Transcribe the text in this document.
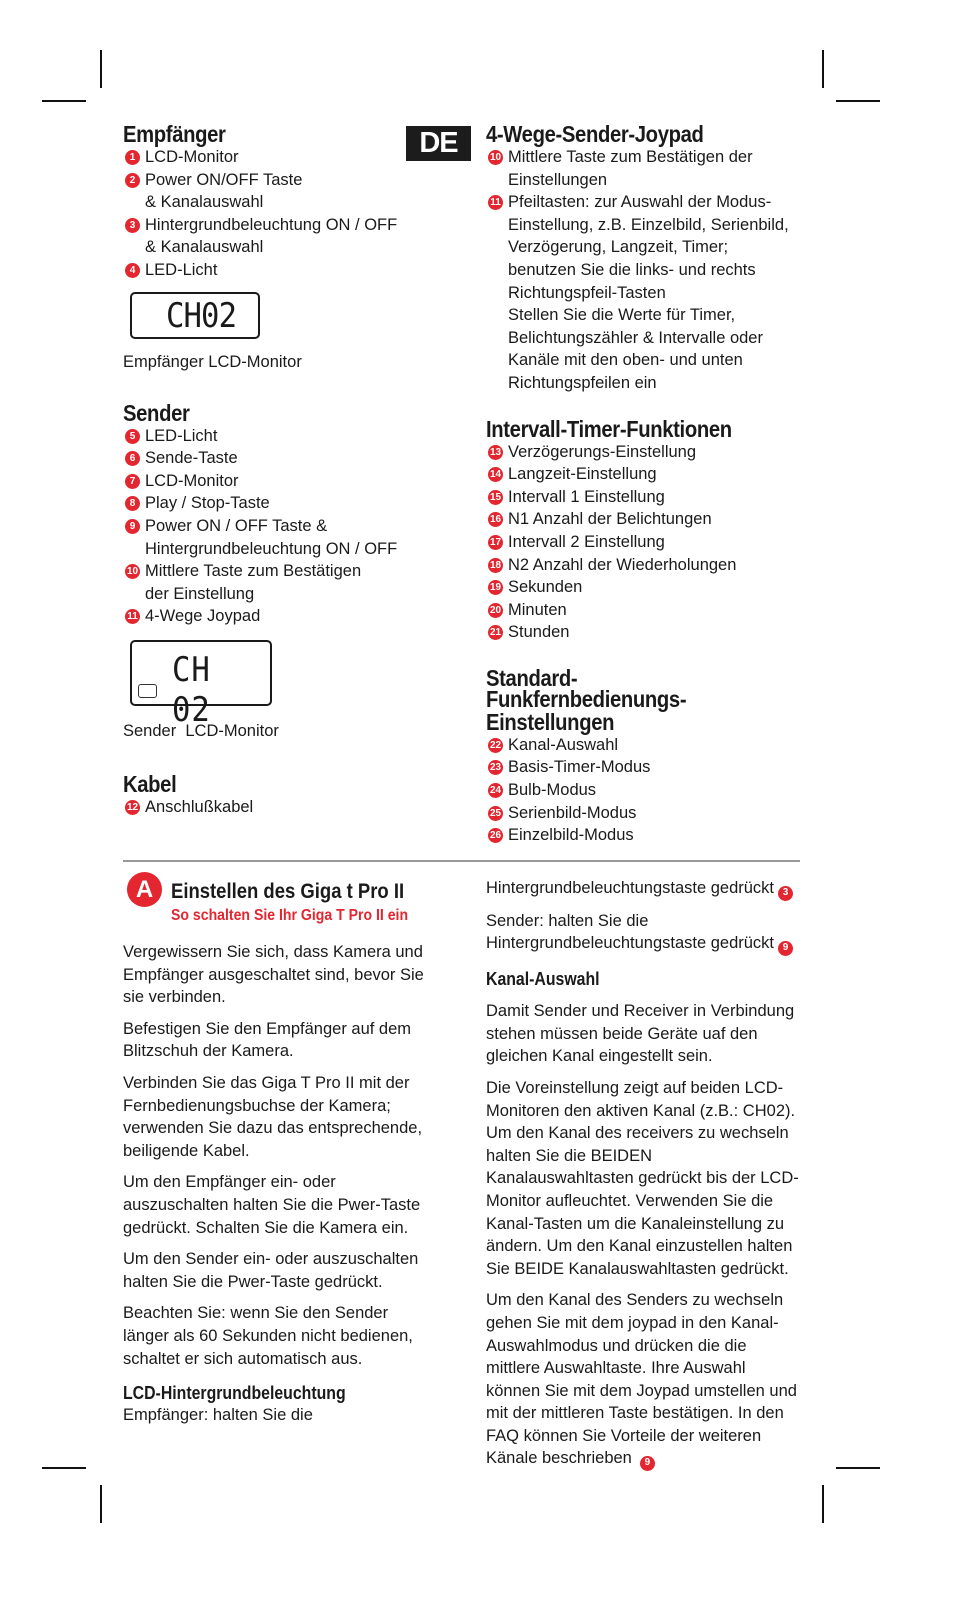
DE
Empfänger
1 LCD-Monitor
2 Power ON/OFF Taste
& Kanalauswahl
3 Hintergrundbeleuchtung ON / OFF
& Kanalauswahl
4 LED-Licht
CH02
Empfänger LCD-Monitor
Sender
5 LED-Licht
6 Sende-Taste
7 LCD-Monitor
8 Play / Stop-Taste
9 Power ON / OFF Taste &
Hintergrundbeleuchtung ON / OFF
10 Mittlere Taste zum Bestätigen
der Einstellung
11 4-Wege Joypad
CH 02
Sender  LCD-Monitor
Kabel
12 Anschlußkabel
4-Wege-Sender-Joypad
10 Mittlere Taste zum Bestätigen der
Einstellungen
11 Pfeiltasten: zur Auswahl der Modus-
Einstellung, z.B. Einzelbild, Serienbild,
Verzögerung, Langzeit, Timer;
benutzen Sie die links- und rechts
Richtungspfeil-Tasten
Stellen Sie die Werte für Timer,
Belichtungszähler & Intervalle oder
Kanäle mit den oben- und unten
Richtungspfeilen ein
Intervall-Timer-Funktionen
13 Verzögerungs-Einstellung
14 Langzeit-Einstellung
15 Intervall 1 Einstellung
16 N1 Anzahl der Belichtungen
17 Intervall 2 Einstellung
18 N2 Anzahl der Wiederholungen
19 Sekunden
20 Minuten
21 Stunden
Standard-
Funkfernbedienungs-
Einstellungen
22 Kanal-Auswahl
23 Basis-Timer-Modus
24 Bulb-Modus
25 Serienbild-Modus
26 Einzelbild-Modus
A Einstellen des Giga t Pro II
So schalten Sie Ihr Giga T Pro II ein

Vergewissern Sie sich, dass Kamera und Empfänger ausgeschaltet sind, bevor Sie sie verbinden.

Befestigen Sie den Empfänger auf dem Blitzschuh der Kamera.

Verbinden Sie das Giga T Pro II mit der Fernbedienungsbuchse der Kamera; verwenden Sie dazu das entsprechende, beiligende Kabel.

Um den Empfänger ein- oder auszuschalten halten Sie die Pwer-Taste gedrückt. Schalten Sie die Kamera ein.

Um den Sender ein- oder auszuschalten halten Sie die Pwer-Taste gedrückt.

Beachten Sie: wenn Sie den Sender länger als 60 Sekunden nicht bedienen, schaltet er sich automatisch aus.

LCD-Hintergrundbeleuchtung
Empfänger: halten Sie die
Hintergrundbeleuchtungstaste gedrückt 3
Sender: halten Sie die
Hintergrundbeleuchtungstaste gedrückt 9
Kanal-Auswahl

Damit Sender und Receiver in Verbindung stehen müssen beide Geräte uaf den gleichen Kanal eingestellt sein.

Die Voreinstellung zeigt auf beiden LCD-Monitoren den aktiven Kanal (z.B.: CH02). Um den Kanal des receivers zu wechseln halten Sie die BEIDEN Kanalauswahltasten gedrückt bis der LCD-Monitor aufleuchtet. Verwenden Sie die Kanal-Tasten um die Kanaleinstellung zu ändern. Um den Kanal einzustellen halten Sie BEIDE Kanalauswahltasten gedrückt.

Um den Kanal des Senders zu wechseln gehen Sie mit dem joypad in den Kanal-Auswahlmodus und drücken die die mittlere Auswahltaste. Ihre Auswahl können Sie mit dem Joypad umstellen und mit der mittleren Taste bestätigen. In den FAQ können Sie Vorteile der weiteren Känale beschrieben 9
